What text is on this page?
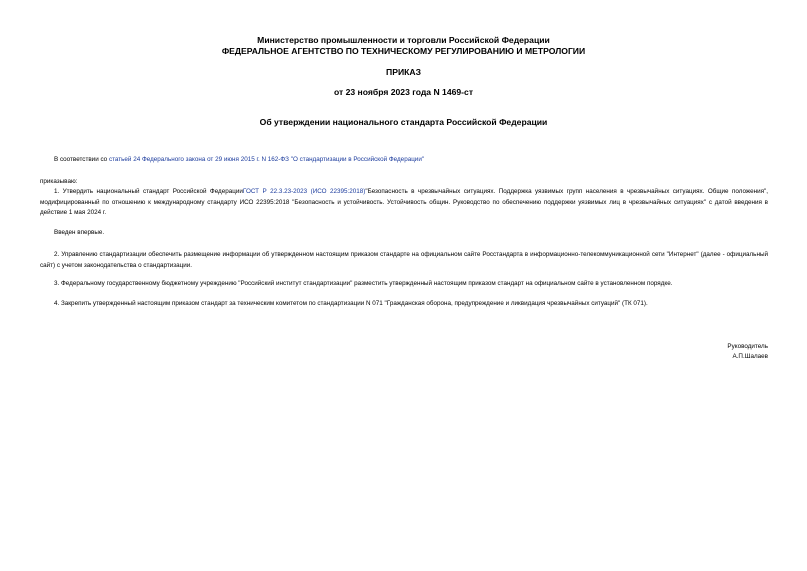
Министерство промышленности и торговли Российской Федерации
ФЕДЕРАЛЬНОЕ АГЕНТСТВО ПО ТЕХНИЧЕСКОМУ РЕГУЛИРОВАНИЮ И МЕТРОЛОГИИ
ПРИКАЗ
от 23 ноября 2023 года N 1469-ст
Об утверждении национального стандарта Российской Федерации
В соответствии со статьей 24 Федерального закона от 29 июня 2015 г. N 162-ФЗ "О стандартизации в Российской Федерации"
приказываю:
1. Утвердить национальный стандарт Российской ФедерацииГОСТ Р 22.3.23-2023 (ИСО 22395:2018)"Безопасность в чрезвычайных ситуациях. Поддержка уязвимых групп населения в чрезвычайных ситуациях. Общие положения", модифицированный по отношению к международному стандарту ИСО 22395:2018 "Безопасность и устойчивость. Устойчивость общин. Руководство по обеспечению поддержки уязвимых лиц в чрезвычайных ситуациях" с датой введения в действие 1 мая 2024 г.
Введен впервые.
2. Управлению стандартизации обеспечить размещение информации об утвержденном настоящим приказом стандарте на официальном сайте Росстандарта в информационно-телекоммуникационной сети "Интернет" (далее - официальный сайт) с учетом законодательства о стандартизации.
3. Федеральному государственному бюджетному учреждению "Российский институт стандартизации" разместить утвержденный настоящим приказом стандарт на официальном сайте в установленном порядке.
4. Закрепить утвержденный настоящим приказом стандарт за техническим комитетом по стандартизации N 071 "Гражданская оборона, предупреждение и ликвидация чрезвычайных ситуаций" (ТК 071).
Руководитель
А.П.Шалаев
